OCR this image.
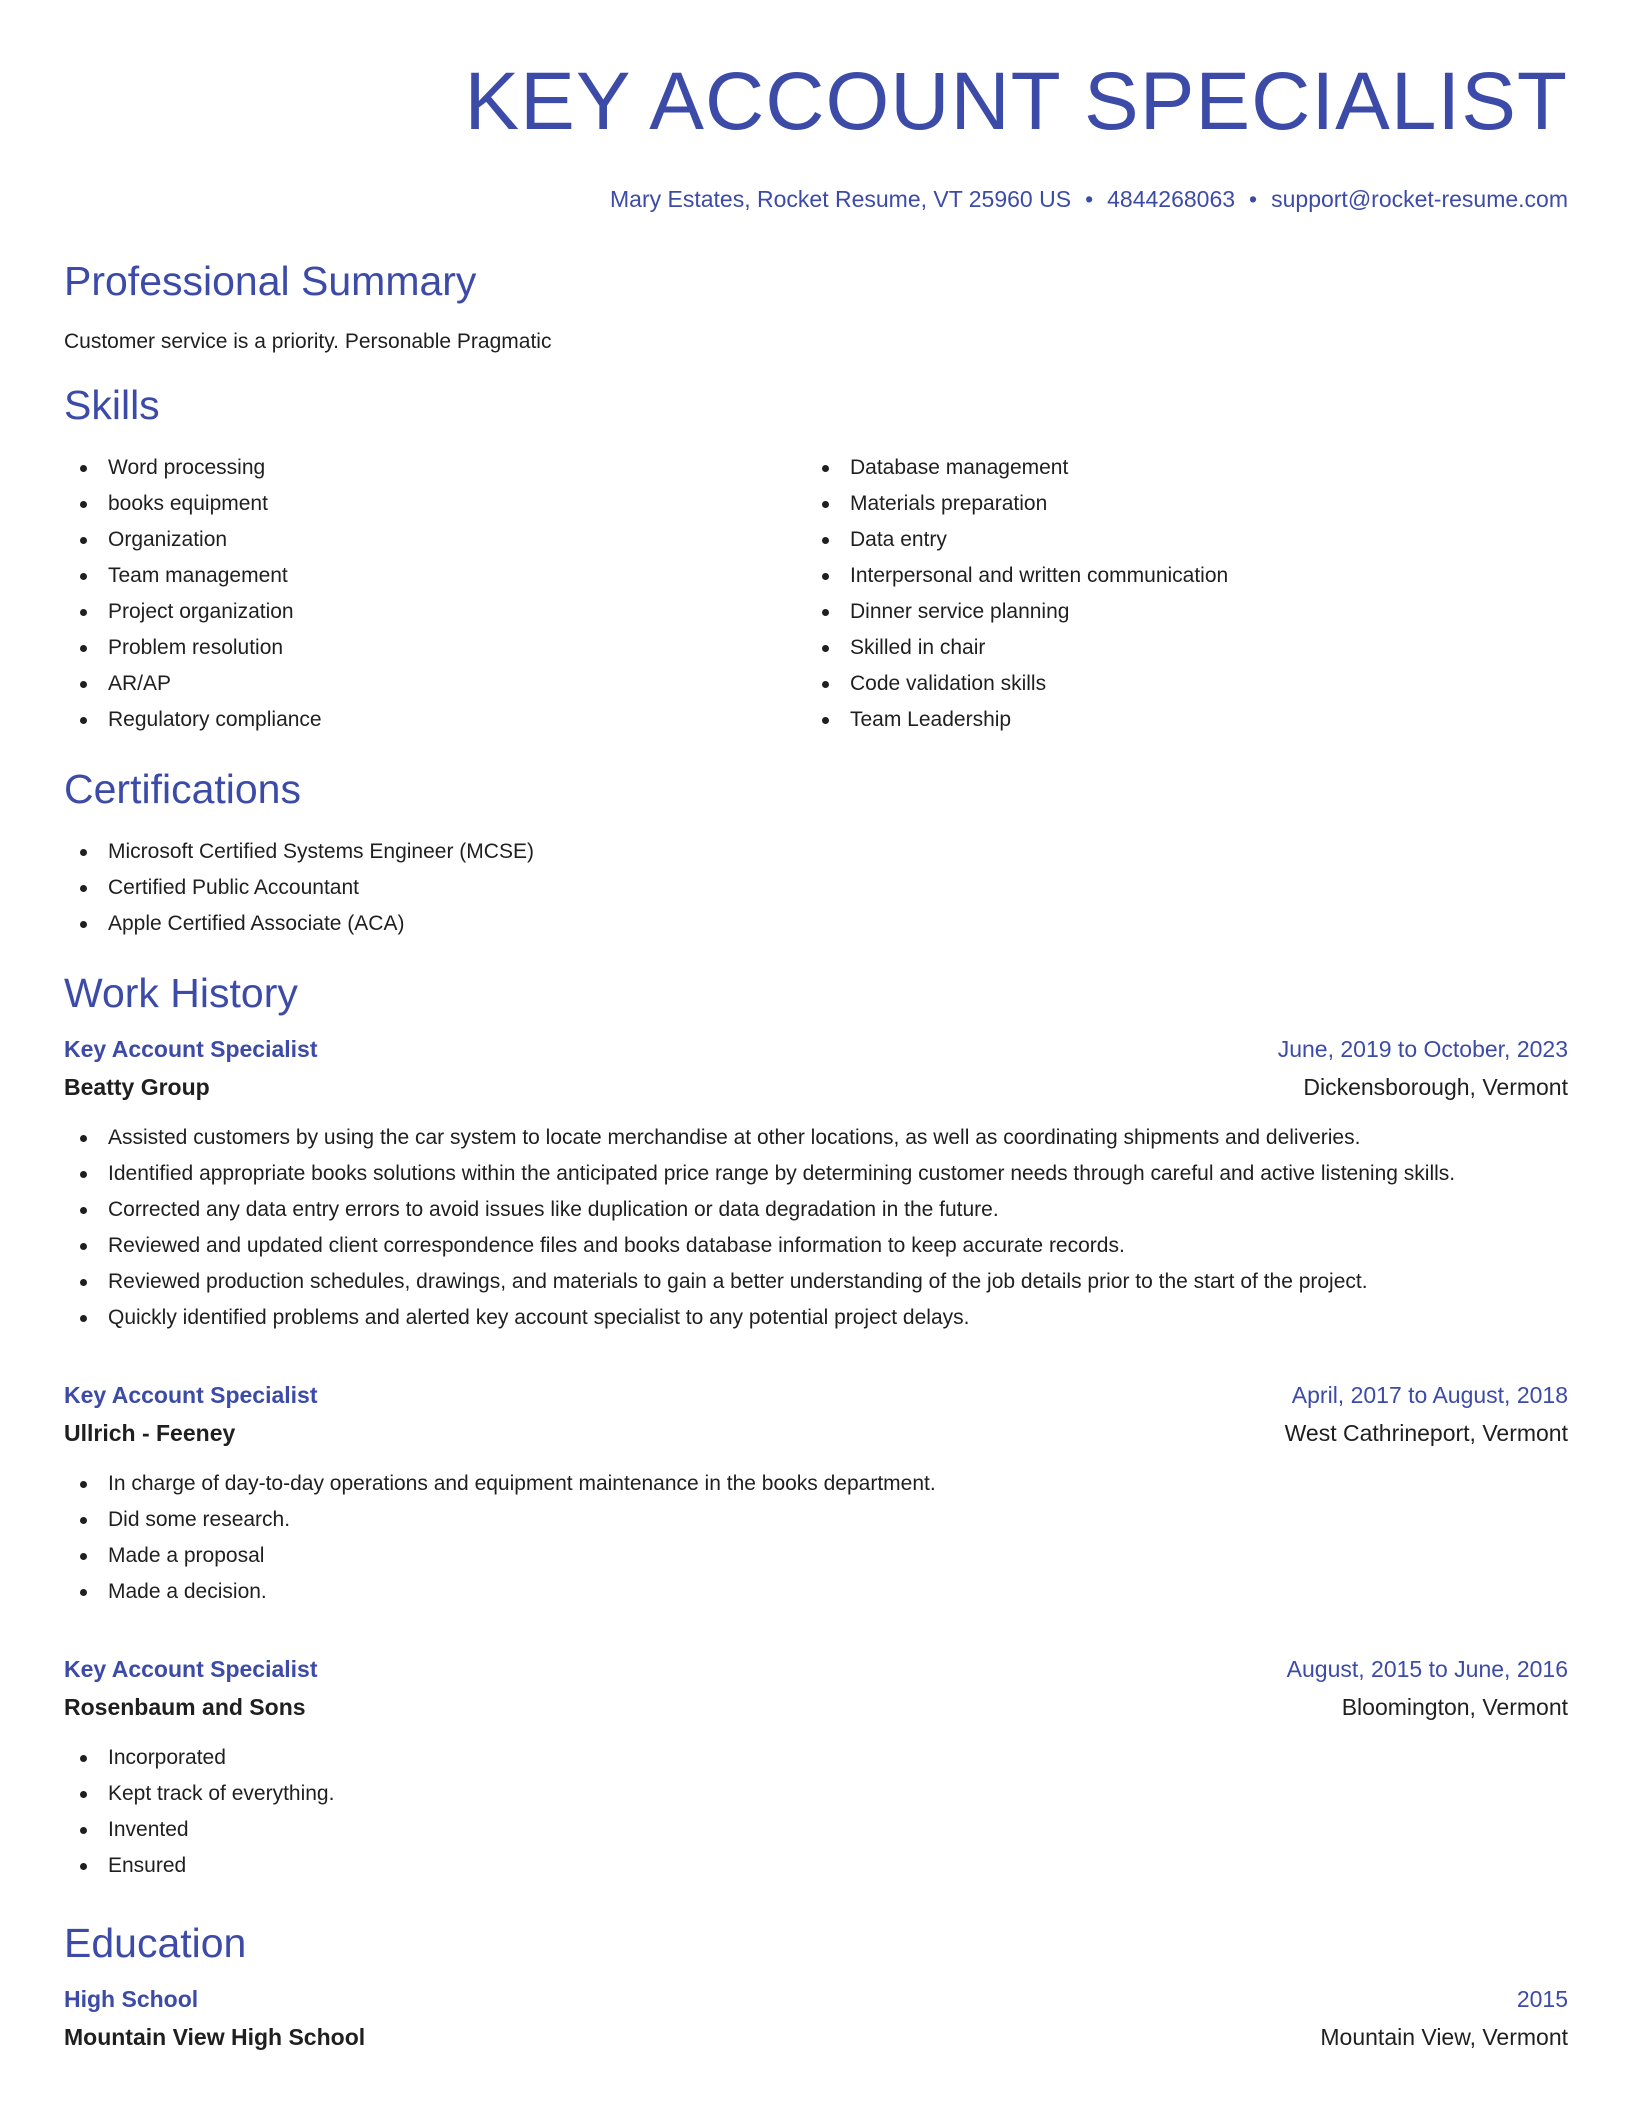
KEY ACCOUNT SPECIALIST
Mary Estates, Rocket Resume, VT 25960 US • 4844268063 • support@rocket-resume.com
Professional Summary

Customer service is a priority. Personable Pragmatic

Skills
Word processing
books equipment
Organization
Team management
Project organization
Problem resolution
AR/AP
Regulatory compliance
Database management
Materials preparation
Data entry
Interpersonal and written communication
Dinner service planning
Skilled in chair
Code validation skills
Team Leadership
Certifications
Microsoft Certified Systems Engineer (MCSE)
Certified Public Accountant
Apple Certified Associate (ACA)
Work History
Key Account Specialist	June, 2019 to October, 2023
Beatty Group	Dickensborough, Vermont
Assisted customers by using the car system to locate merchandise at other locations, as well as coordinating shipments and deliveries.
Identified appropriate books solutions within the anticipated price range by determining customer needs through careful and active listening skills.
Corrected any data entry errors to avoid issues like duplication or data degradation in the future.
Reviewed and updated client correspondence files and books database information to keep accurate records.
Reviewed production schedules, drawings, and materials to gain a better understanding of the job details prior to the start of the project.
Quickly identified problems and alerted key account specialist to any potential project delays.
Key Account Specialist	April, 2017 to August, 2018
Ullrich - Feeney	West Cathrineport, Vermont
In charge of day-to-day operations and equipment maintenance in the books department.
Did some research.
Made a proposal
Made a decision.
Key Account Specialist	August, 2015 to June, 2016
Rosenbaum and Sons	Bloomington, Vermont
Incorporated
Kept track of everything.
Invented
Ensured
Education
High School	2015
Mountain View High School	Mountain View, Vermont
